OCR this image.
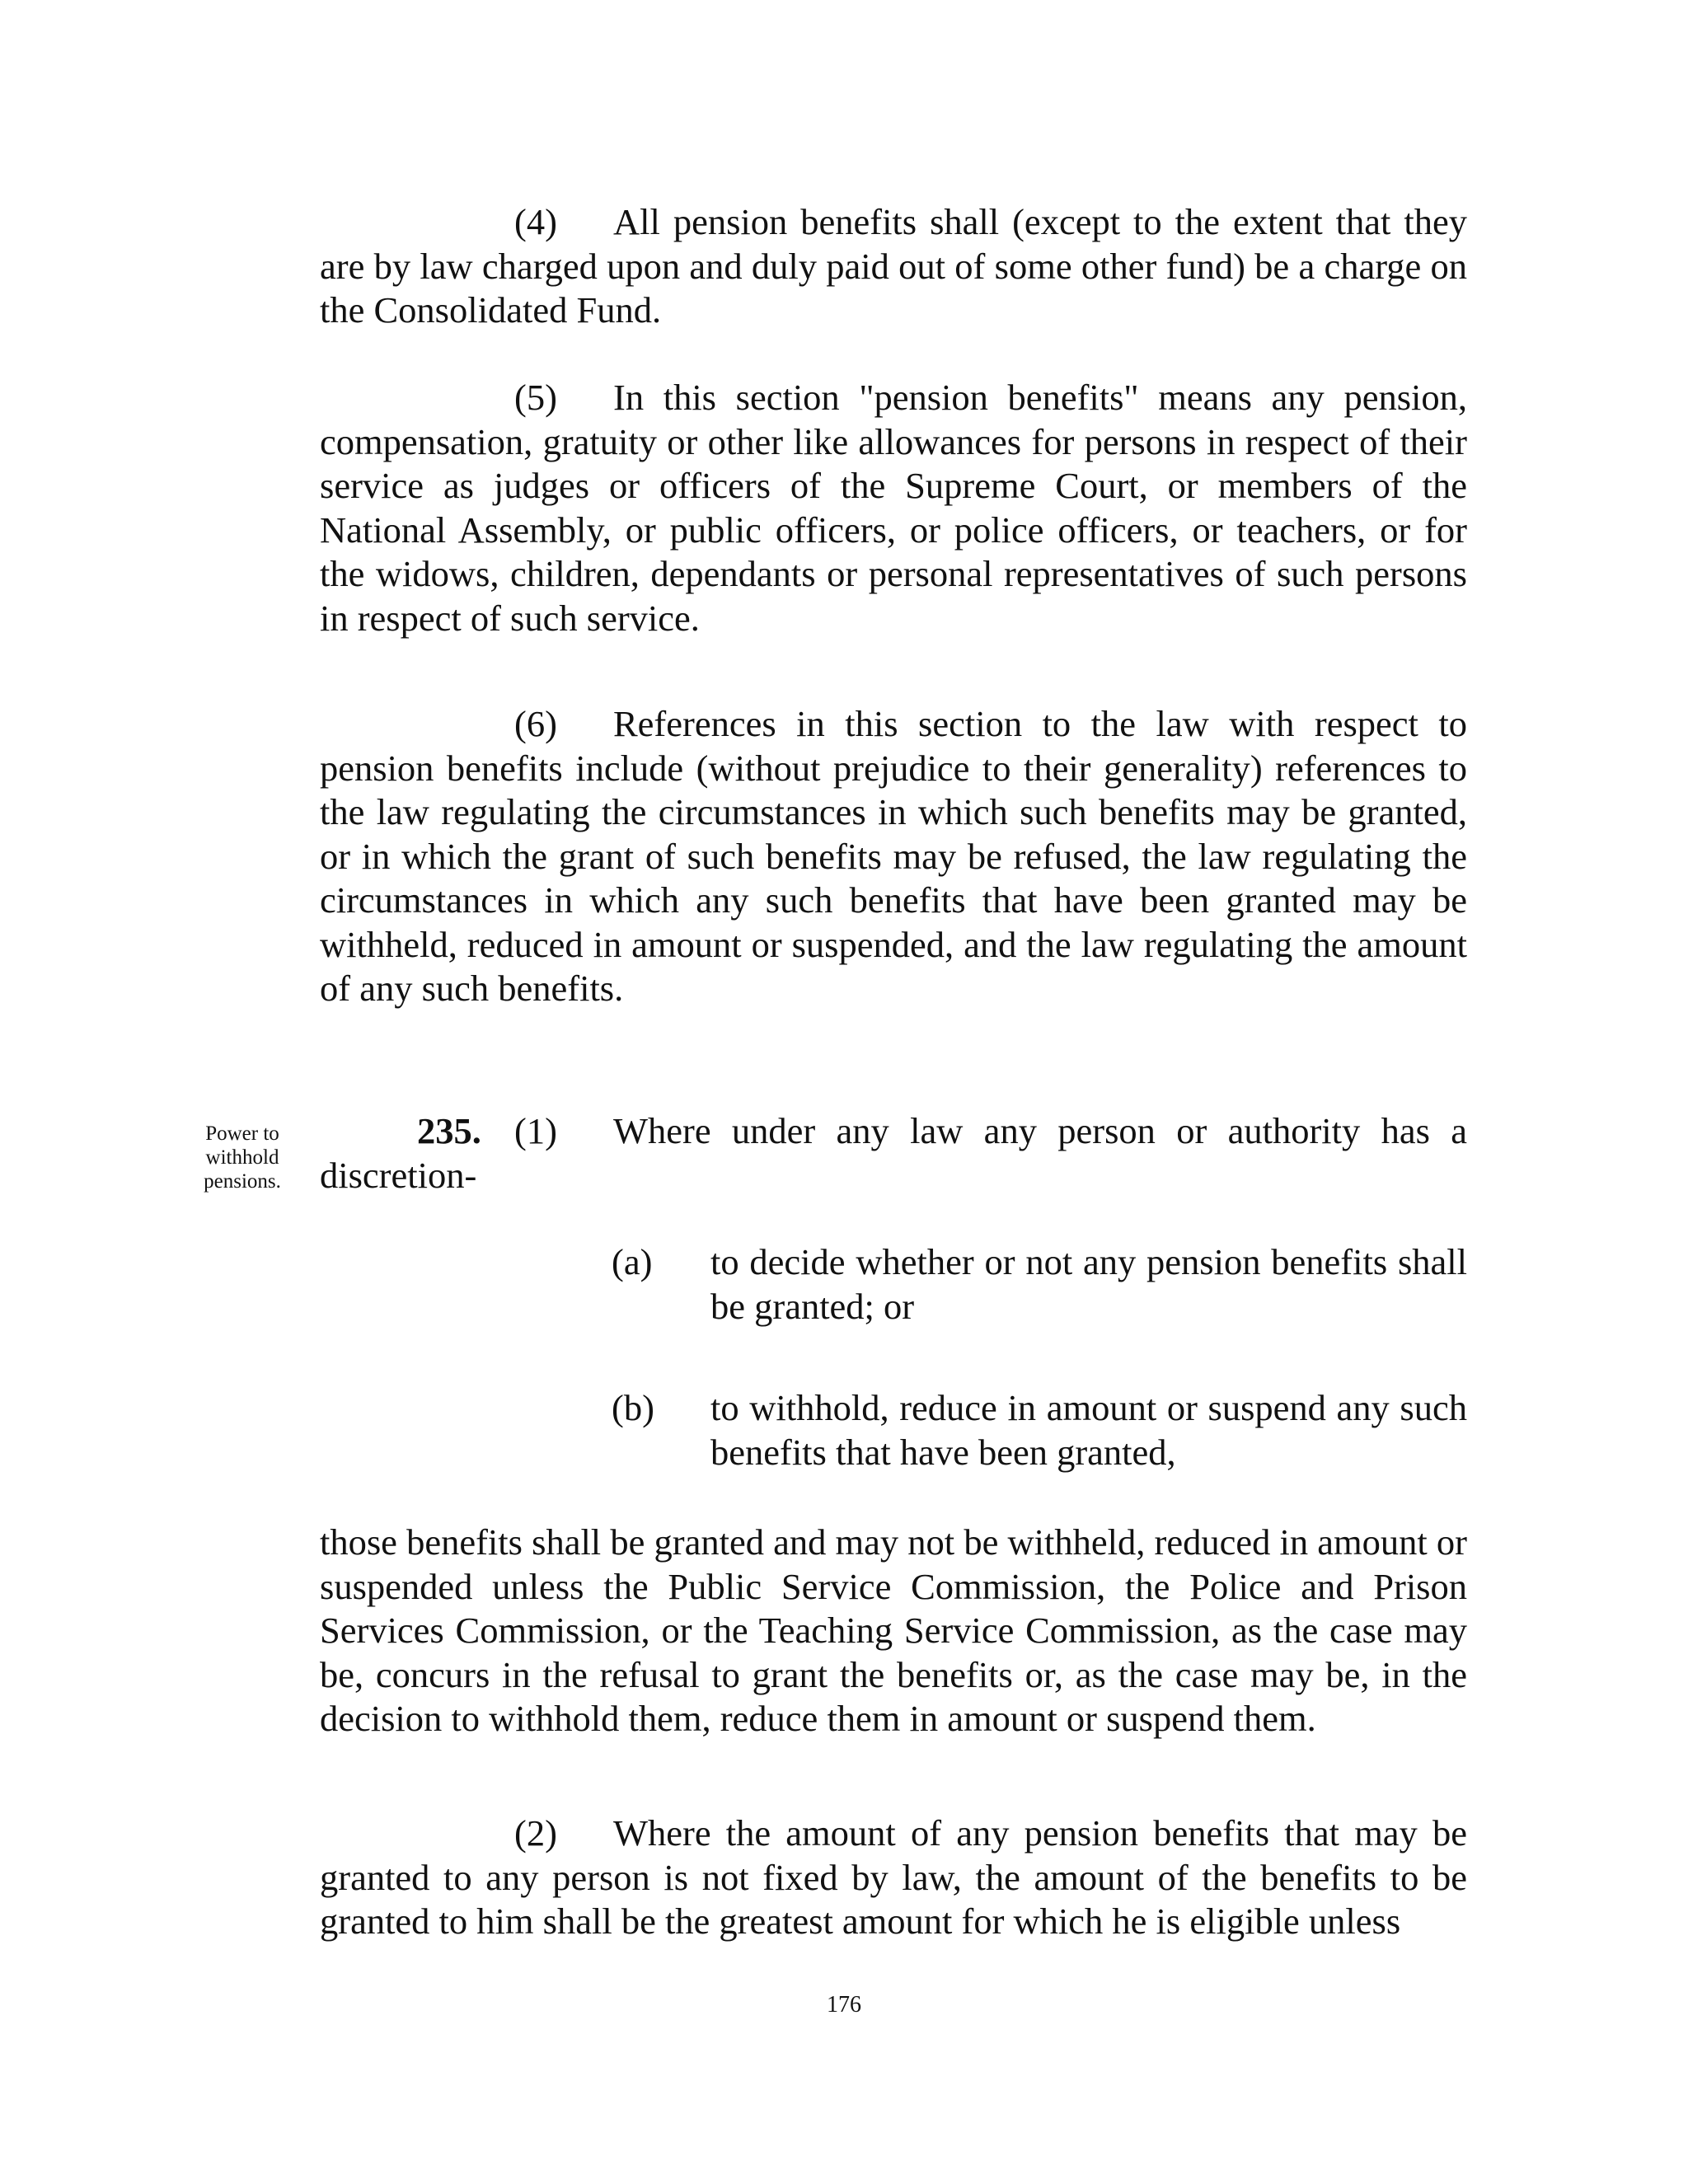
(4) All pension benefits shall (except to the extent that they are by law charged upon and duly paid out of some other fund) be a charge on the Consolidated Fund.

(5) In this section "pension benefits" means any pension, compensation, gratuity or other like allowances for persons in respect of their service as judges or officers of the Supreme Court, or members of the National Assembly, or public officers, or police officers, or teachers, or for the widows, children, dependants or personal representatives of such persons in respect of such service.

(6) References in this section to the law with respect to pension benefits include (without prejudice to their generality) references to the law regulating the circumstances in which such benefits may be granted, or in which the grant of such benefits may be refused, the law regulating the circumstances in which any such benefits that have been granted may be withheld, reduced in amount or suspended, and the law regulating the amount of any such benefits.

Power to
withhold
pensions.

235. (1) Where under any law any person or authority has a discretion-

(a)	to decide whether or not any pension benefits shall be granted; or
(b)	to withhold, reduce in amount or suspend any such benefits that have been granted,

those benefits shall be granted and may not be withheld, reduced in amount or suspended unless the Public Service Commission, the Police and Prison Services Commission, or the Teaching Service Commission, as the case may be, concurs in the refusal to grant the benefits or, as the case may be, in the decision to withhold them, reduce them in amount or suspend them.

(2) Where the amount of any pension benefits that may be granted to any person is not fixed by law, the amount of the benefits to be granted to him shall be the greatest amount for which he is eligible unless

176
